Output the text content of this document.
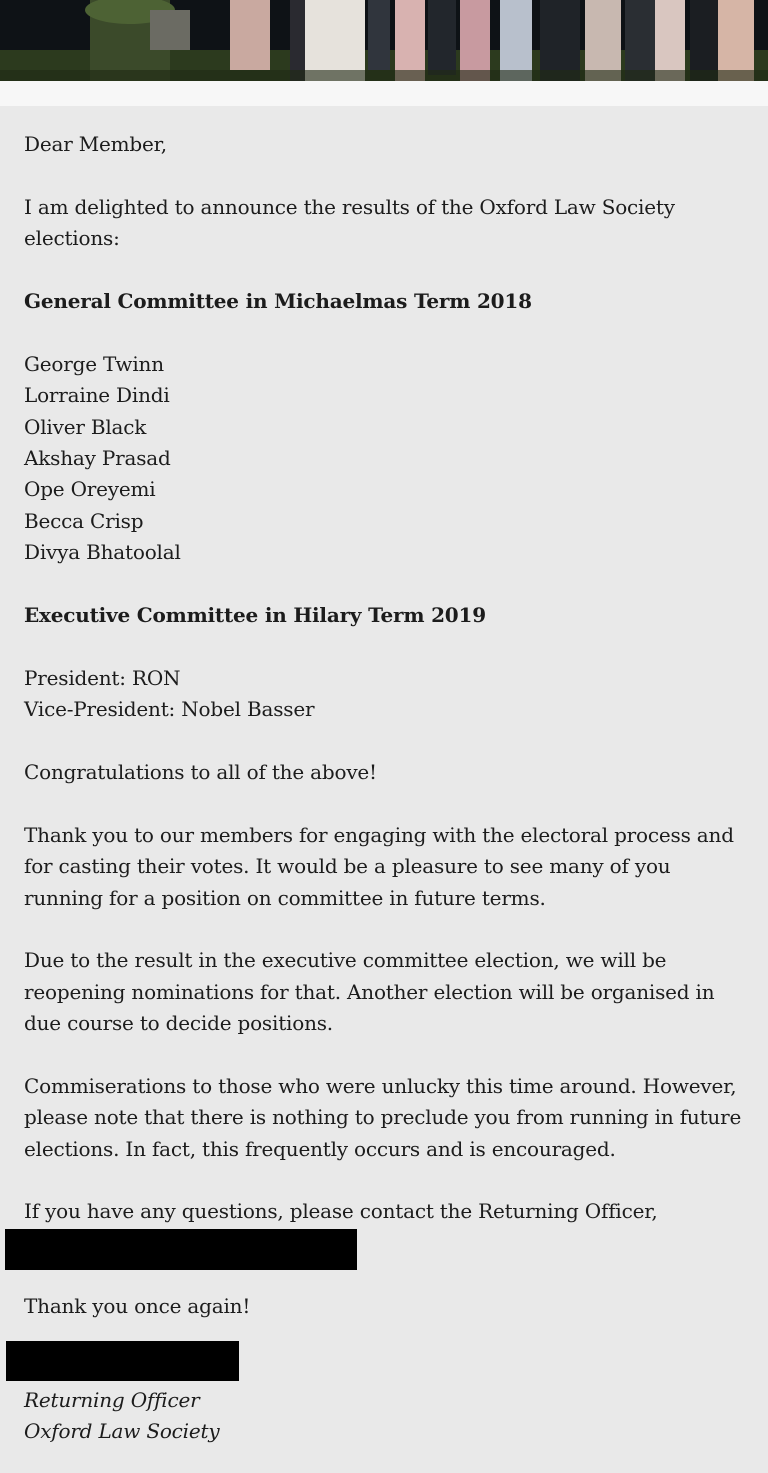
Dear Member,
I am delighted to announce the results of the Oxford Law Society
elections:
General Committee in Michaelmas Term 2018
George Twinn
Lorraine Dindi
Oliver Black
Akshay Prasad
Ope Oreyemi
Becca Crisp
Divya Bhatoolal
Executive Committee in Hilary Term 2019
President: RON
Vice-President: Nobel Basser
Congratulations to all of the above!
Thank you to our members for engaging with the electoral process and
for casting their votes. It would be a pleasure to see many of you
running for a position on committee in future terms.
Due to the result in the executive committee election, we will be
reopening nominations for that. Another election will be organised in
due course to decide positions.
Commiserations to those who were unlucky this time around. However,
please note that there is nothing to preclude you from running in future
elections. In fact, this frequently occurs and is encouraged.
If you have any questions, please contact the Returning Officer,
Thank you once again!
Returning Officer
Oxford Law Society
